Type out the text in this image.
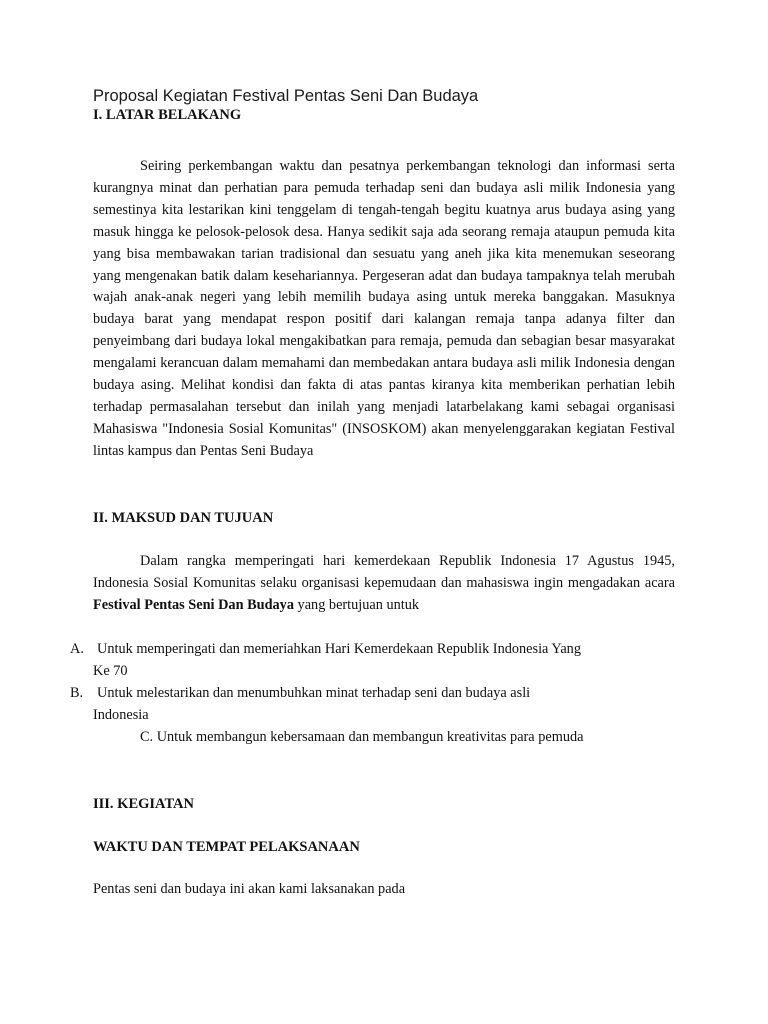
Proposal Kegiatan Festival Pentas Seni Dan Budaya
I. LATAR BELAKANG

Seiring perkembangan waktu dan pesatnya perkembangan teknologi dan informasi serta kurangnya minat dan perhatian para pemuda terhadap seni dan budaya asli milik Indonesia yang semestinya kita lestarikan kini tenggelam di tengah-tengah begitu kuatnya arus budaya asing yang masuk hingga ke pelosok-pelosok desa. Hanya sedikit saja ada seorang remaja ataupun pemuda kita yang bisa membawakan tarian tradisional dan sesuatu yang aneh jika kita menemukan seseorang yang mengenakan batik dalam kesehariannya. Pergeseran adat dan budaya tampaknya telah merubah wajah anak-anak negeri yang lebih memilih budaya asing untuk mereka banggakan. Masuknya budaya barat yang mendapat respon positif dari kalangan remaja tanpa adanya filter dan penyeimbang dari budaya lokal mengakibatkan para remaja, pemuda dan sebagian besar masyarakat mengalami kerancuan dalam memahami dan membedakan antara budaya asli milik Indonesia dengan budaya asing. Melihat kondisi dan fakta di atas pantas kiranya kita memberikan perhatian lebih terhadap permasalahan tersebut dan inilah yang menjadi latarbelakang kami sebagai organisasi Mahasiswa "Indonesia Sosial Komunitas" (INSOSKOM) akan menyelenggarakan kegiatan Festival lintas kampus dan Pentas Seni Budaya

II. MAKSUD DAN TUJUAN

Dalam rangka memperingati hari kemerdekaan Republik Indonesia 17 Agustus 1945, Indonesia Sosial Komunitas selaku organisasi kepemudaan dan mahasiswa ingin mengadakan acara Festival Pentas Seni Dan Budaya yang bertujuan untuk

A. Untuk memperingati dan memeriahkan Hari Kemerdekaan Republik Indonesia Yang
Ke 70
B. Untuk melestarikan dan menumbuhkan minat terhadap seni dan budaya asli
Indonesia
C. Untuk membangun kebersamaan dan membangun kreativitas para pemuda
III. KEGIATAN
WAKTU DAN TEMPAT PELAKSANAAN
Pentas seni dan budaya ini akan kami laksanakan pada
